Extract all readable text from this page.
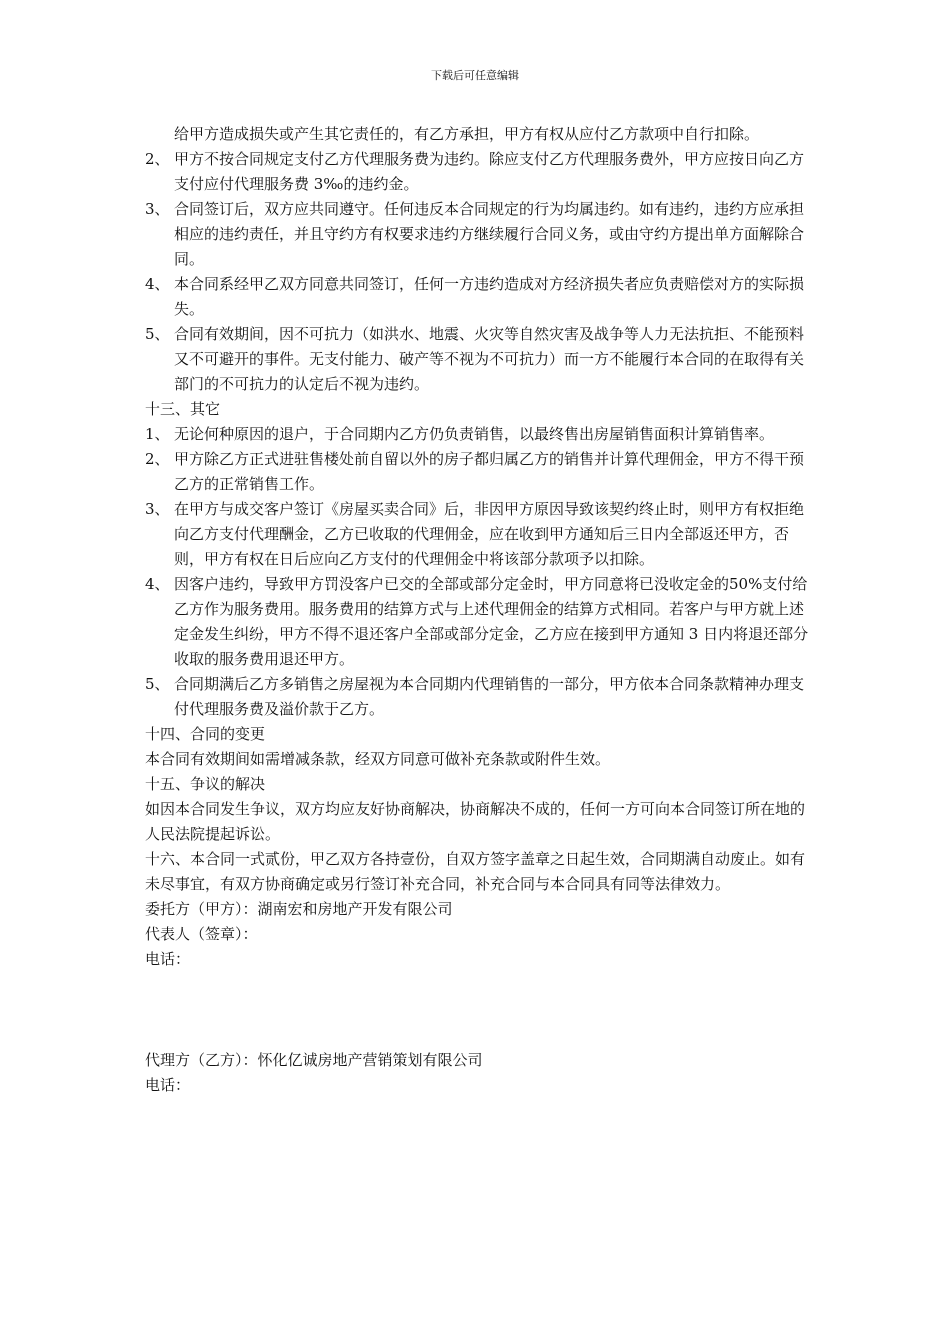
下载后可任意编辑
给甲方造成损失或产生其它责任的，有乙方承担，甲方有权从应付乙方款项中自行扣除。
2、 甲方不按合同规定支付乙方代理服务费为违约。除应支付乙方代理服务费外，甲方应按日向乙方支付应付代理服务费 3‰的违约金。
3、 合同签订后，双方应共同遵守。任何违反本合同规定的行为均属违约。如有违约，违约方应承担相应的违约责任，并且守约方有权要求违约方继续履行合同义务，或由守约方提出单方面解除合同。
4、 本合同系经甲乙双方同意共同签订，任何一方违约造成对方经济损失者应负责赔偿对方的实际损失。
5、 合同有效期间，因不可抗力（如洪水、地震、火灾等自然灾害及战争等人力无法抗拒、不能预料又不可避开的事件。无支付能力、破产等不视为不可抗力）而一方不能履行本合同的在取得有关部门的不可抗力的认定后不视为违约。
十三、其它
1、 无论何种原因的退户，于合同期内乙方仍负责销售，以最终售出房屋销售面积计算销售率。
2、 甲方除乙方正式进驻售楼处前自留以外的房子都归属乙方的销售并计算代理佣金，甲方不得干预乙方的正常销售工作。
3、 在甲方与成交客户签订《房屋买卖合同》后，非因甲方原因导致该契约终止时，则甲方有权拒绝向乙方支付代理酬金，乙方已收取的代理佣金，应在收到甲方通知后三日内全部返还甲方，否则，甲方有权在日后应向乙方支付的代理佣金中将该部分款项予以扣除。
4、 因客户违约，导致甲方罚没客户已交的全部或部分定金时，甲方同意将已没收定金的50%支付给乙方作为服务费用。服务费用的结算方式与上述代理佣金的结算方式相同。若客户与甲方就上述定金发生纠纷，甲方不得不退还客户全部或部分定金，乙方应在接到甲方通知 3 日内将退还部分收取的服务费用退还甲方。
5、 合同期满后乙方多销售之房屋视为本合同期内代理销售的一部分，甲方依本合同条款精神办理支付代理服务费及溢价款于乙方。
十四、合同的变更
本合同有效期间如需增减条款，经双方同意可做补充条款或附件生效。
十五、争议的解决
如因本合同发生争议，双方均应友好协商解决，协商解决不成的，任何一方可向本合同签订所在地的人民法院提起诉讼。
十六、本合同一式贰份，甲乙双方各持壹份，自双方签字盖章之日起生效，合同期满自动废止。如有未尽事宜，有双方协商确定或另行签订补充合同，补充合同与本合同具有同等法律效力。
委托方（甲方）：湖南宏和房地产开发有限公司
代表人（签章）：
电话：
代理方（乙方）：怀化亿诚房地产营销策划有限公司
电话：
